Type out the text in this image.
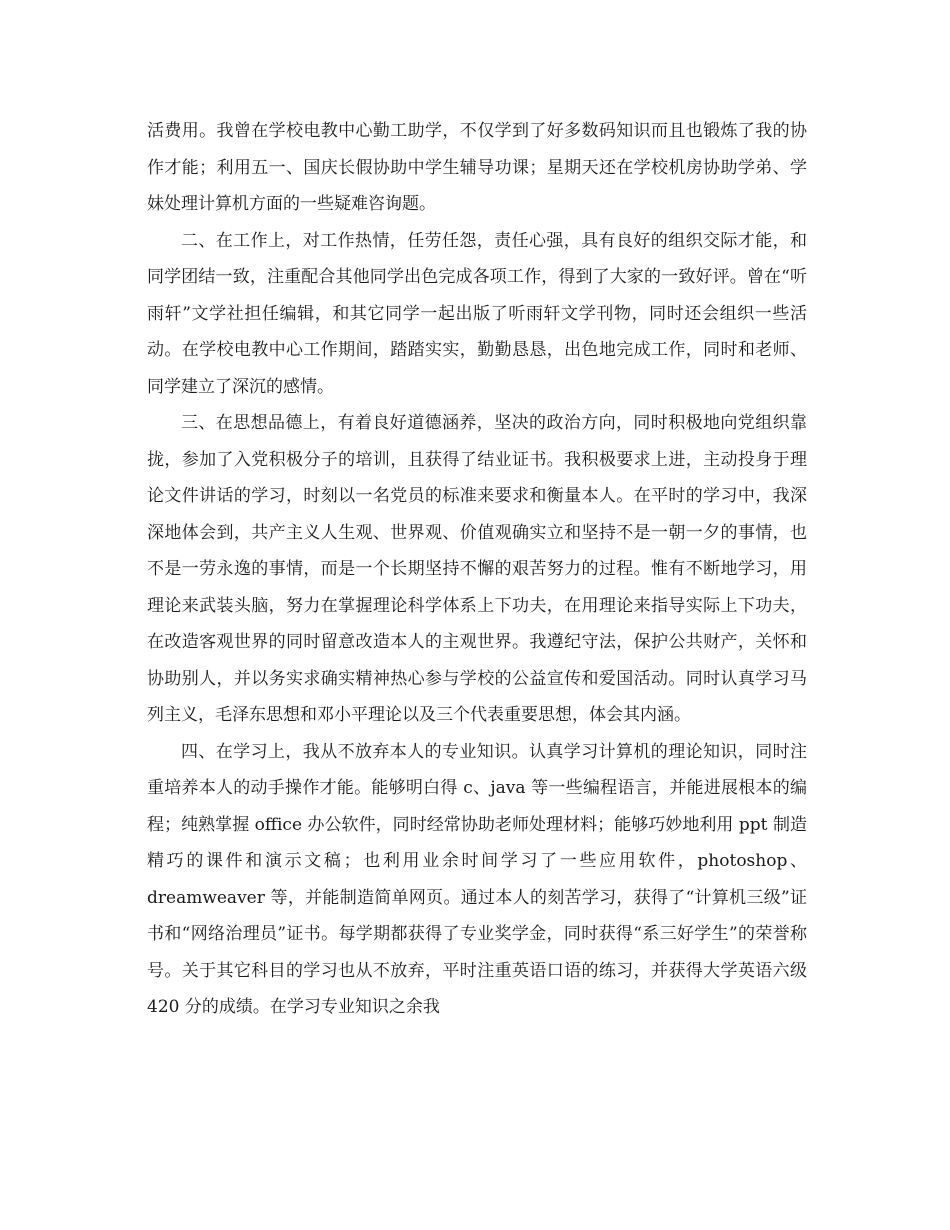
活费用。我曾在学校电教中心勤工助学，不仅学到了好多数码知识而且也锻炼了我的协作才能；利用五一、国庆长假协助中学生辅导功课；星期天还在学校机房协助学弟、学妹处理计算机方面的一些疑难咨询题。

二、在工作上，对工作热情，任劳任怨，责任心强，具有良好的组织交际才能，和同学团结一致，注重配合其他同学出色完成各项工作，得到了大家的一致好评。曾在“听雨轩”文学社担任编辑，和其它同学一起出版了听雨轩文学刊物，同时还会组织一些活动。在学校电教中心工作期间，踏踏实实，勤勤恳恳，出色地完成工作，同时和老师、同学建立了深沉的感情。

三、在思想品德上，有着良好道德涵养，坚决的政治方向，同时积极地向党组织靠拢，参加了入党积极分子的培训，且获得了结业证书。我积极要求上进，主动投身于理论文件讲话的学习，时刻以一名党员的标准来要求和衡量本人。在平时的学习中，我深深地体会到，共产主义人生观、世界观、价值观确实立和坚持不是一朝一夕的事情，也不是一劳永逸的事情，而是一个长期坚持不懈的艰苦努力的过程。惟有不断地学习，用理论来武装头脑，努力在掌握理论科学体系上下功夫，在用理论来指导实际上下功夫，在改造客观世界的同时留意改造本人的主观世界。我遵纪守法，保护公共财产，关怀和协助别人，并以务实求确实精神热心参与学校的公益宣传和爱国活动。同时认真学习马列主义，毛泽东思想和邓小平理论以及三个代表重要思想，体会其内涵。

四、在学习上，我从不放弃本人的专业知识。认真学习计算机的理论知识，同时注重培养本人的动手操作才能。能够明白得 c、java 等一些编程语言，并能进展根本的编程；纯熟掌握 office 办公软件，同时经常协助老师处理材料；能够巧妙地利用 ppt 制造精巧的课件和演示文稿；也利用业余时间学习了一些应用软件，photoshop、dreamweaver 等，并能制造简单网页。通过本人的刻苦学习，获得了“计算机三级”证书和“网络治理员”证书。每学期都获得了专业奖学金，同时获得“系三好学生”的荣誉称号。关于其它科目的学习也从不放弃，平时注重英语口语的练习，并获得大学英语六级 420 分的成绩。在学习专业知识之余我
